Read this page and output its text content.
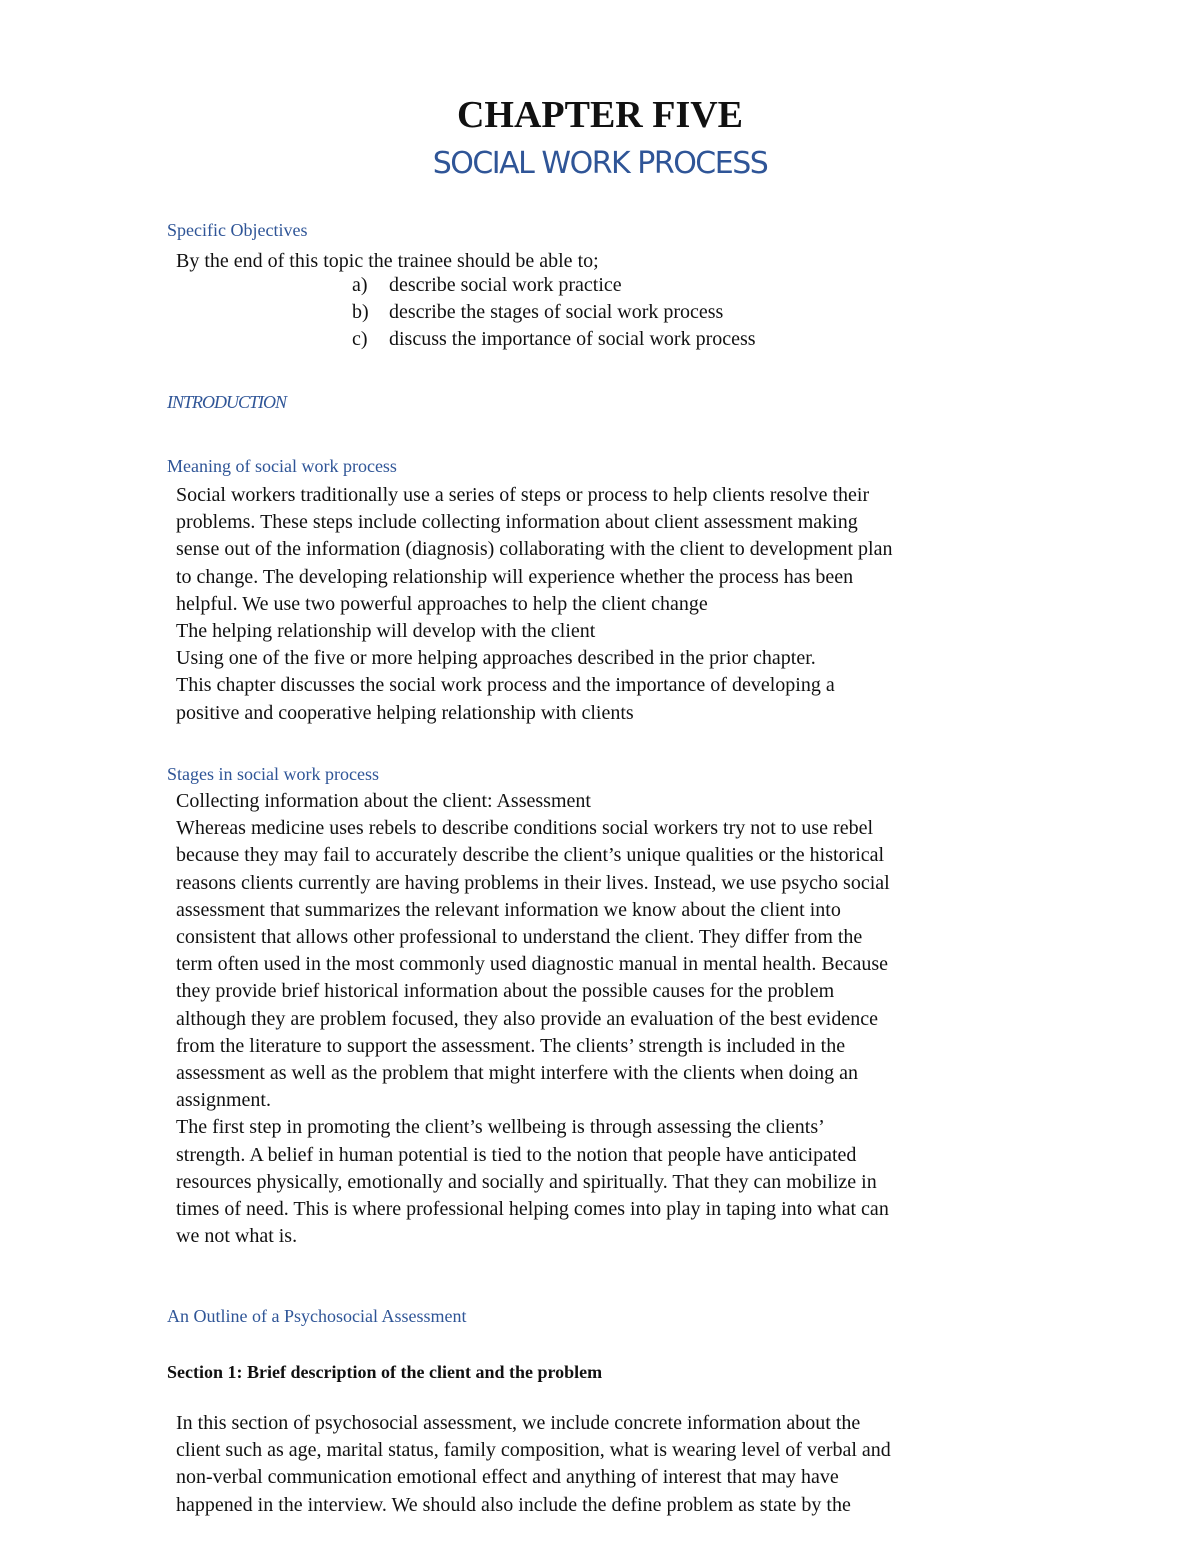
CHAPTER FIVE
SOCIAL WORK PROCESS
Specific Objectives
By the end of this topic the trainee should be able to;
a) describe social work practice
b) describe the stages of social work process
c) discuss the importance of social work process
INTRODUCTION
Meaning of social work process
Social workers traditionally use a series of steps or process to help clients resolve their
problems. These steps include collecting information about client assessment making
sense out of the information (diagnosis) collaborating with the client to development plan
to change. The developing relationship will experience whether the process has been
helpful. We use two powerful approaches to help the client change
The helping relationship will develop with the client
Using one of the five or more helping approaches described in the prior chapter.
This chapter discusses the social work process and the importance of developing a
positive and cooperative helping relationship with clients
Stages in social work process
Collecting information about the client: Assessment
Whereas medicine uses rebels to describe conditions social workers try not to use rebel
because they may fail to accurately describe the client’s unique qualities or the historical
reasons clients currently are having problems in their lives. Instead, we use psycho social
assessment that summarizes the relevant information we know about the client into
consistent that allows other professional to understand the client. They differ from the
term often used in the most commonly used diagnostic manual in mental health. Because
they provide brief historical information about the possible causes for the problem
although they are problem focused, they also provide an evaluation of the best evidence
from the literature to support the assessment. The clients’ strength is included in the
assessment as well as the problem that might interfere with the clients when doing an
assignment.
The first step in promoting the client’s wellbeing is through assessing the clients’
strength. A belief in human potential is tied to the notion that people have anticipated
resources physically, emotionally and socially and spiritually. That they can mobilize in
times of need. This is where professional helping comes into play in taping into what can
we not what is.
An Outline of a Psychosocial Assessment
Section 1: Brief description of the client and the problem
In this section of psychosocial assessment, we include concrete information about the
client such as age, marital status, family composition, what is wearing level of verbal and
non-verbal communication emotional effect and anything of interest that may have
happened in the interview. We should also include the define problem as state by the
